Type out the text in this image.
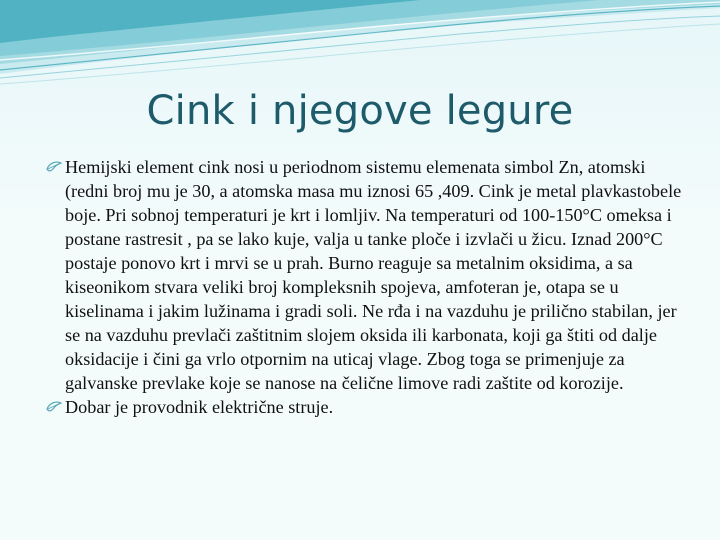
Cink i njegove legure
Hemijski element cink nosi u periodnom sistemu elemenata simbol Zn, atomski (redni broj mu je 30, a atomska masa mu iznosi 65 ,409. Cink je metal plavkastobele boje. Pri sobnoj temperaturi je krt i lomljiv. Na temperaturi od 100-150°C omeksa i postane rastresit , pa se lako kuje, valja u tanke ploče i izvlači u žicu. Iznad 200°C postaje ponovo krt i mrvi se u prah. Burno reaguje sa metalnim oksidima, a sa kiseonikom stvara veliki broj kompleksnih spojeva, amfoteran je, otapa se u kiselinama i jakim lužinama i gradi soli. Ne rđa i na vazduhu je prilično stabilan, jer se na vazduhu prevlači zaštitnim slojem oksida ili karbonata, koji ga štiti od dalje oksidacije i čini ga vrlo otpornim na uticaj vlage. Zbog toga se primenjuje za galvanske prevlake koje se nanose na čelične limove radi zaštite od korozije.
Dobar je provodnik električne struje.
